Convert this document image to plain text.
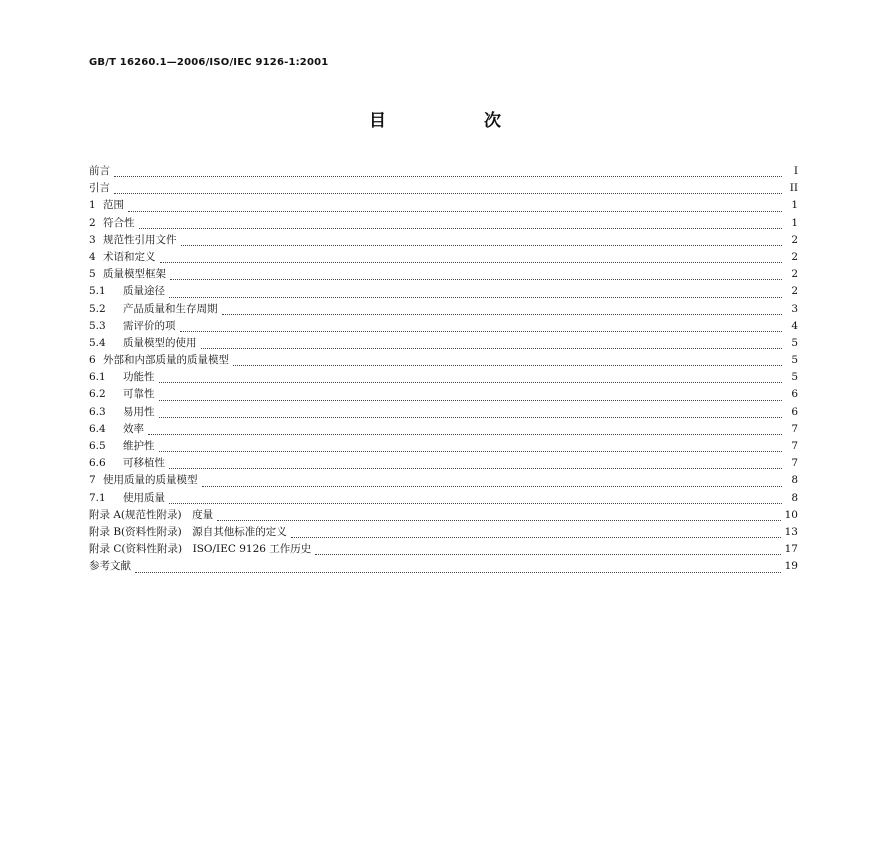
GB/T 16260.1—2006/ISO/IEC 9126-1:2001
目 次
前言	I
引言	II
1 范围	1
2 符合性	1
3 规范性引用文件	2
4 术语和定义	2
5 质量模型框架	2
5.1 质量途径	2
5.2 产品质量和生存周期	3
5.3 需评价的项	4
5.4 质量模型的使用	5
6 外部和内部质量的质量模型	5
6.1 功能性	5
6.2 可靠性	6
6.3 易用性	6
6.4 效率	7
6.5 维护性	7
6.6 可移植性	7
7 使用质量的质量模型	8
7.1 使用质量	8
附录 A(规范性附录)　度量	10
附录 B(资料性附录)　源自其他标准的定义	13
附录 C(资料性附录)　ISO/IEC 9126 工作历史	17
参考文献	19
